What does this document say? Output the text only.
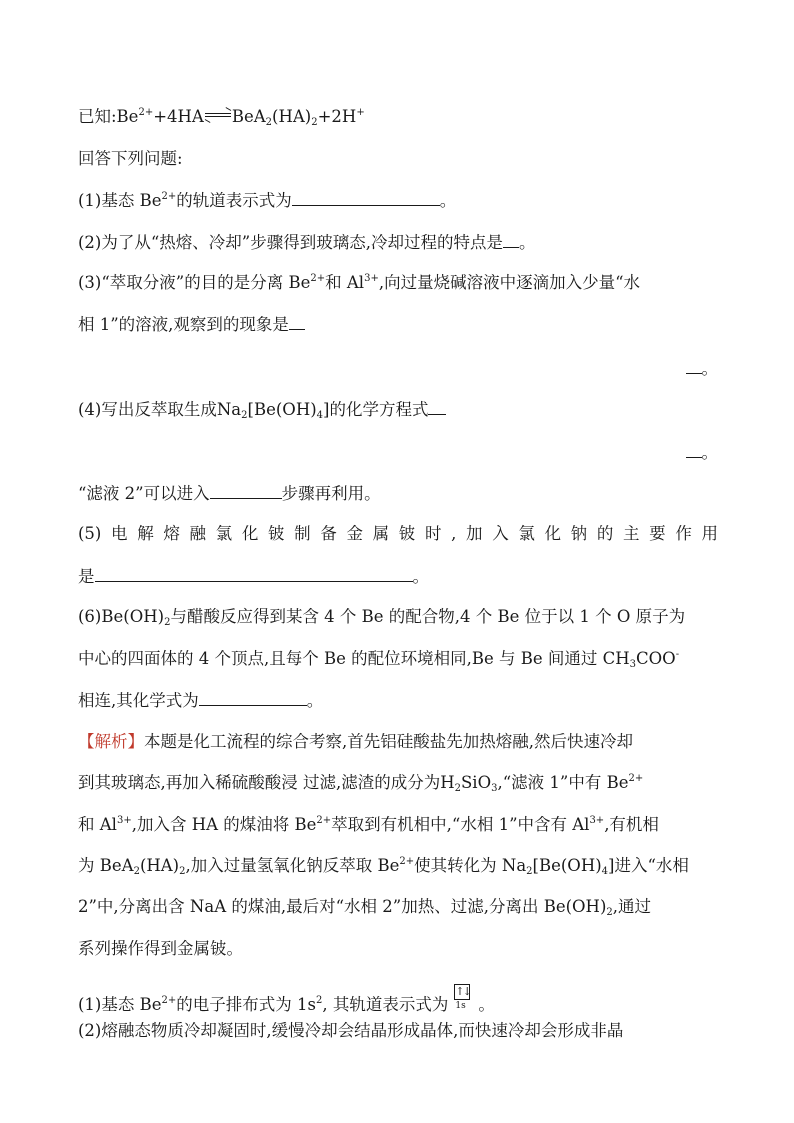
已知$:Be^{2+}+4HA$ $BeA_2(HA)_2+2H^+$
回答下列问题:
(1)基态 $Be^{2+}$的轨道表示式为	。
(2)为了从“热熔、冷却”步骤得到玻璃态,冷却过程的特点是 。
(3)“萃取分液”的目的是分离 $Be^{2+}$和 $Al^{3+}$,向过量烧碱溶液中逐滴加入少量“水
相 1”的溶液,观察到的现象是
。
(4)写出反萃取生成$Na_2[Be(OH)_4]$的化学方程式
。
“滤液 2”可以进入	步骤再利用。
(5)电解熔融氯化铍制备金属铍时,加入氯化钠的主要作用
是	。
$(6)Be(OH)_2$与醋酸反应得到某含 4 个 Be 的配合物,4 个 Be 位于以 1 个 O 原子为
中心的四面体的 4 个顶点,且每个 Be 的配位环境相同,Be 与 Be 间通过 $CH_3COO^-$
相连,其化学式为	。
【解析】本题是化工流程的综合考察,首先铝硅酸盐先加热熔融,然后快速冷却
到其玻璃态,再加入稀硫酸酸浸 过滤,滤渣的成分为$H_2SiO_3,“$滤液 1”中有 $Be^{2+}$
和 $Al^{3+}$,加入含 HA 的煤油将 $Be^{2+}$萃取到有机相中,“水相 1”中含有 $Al^{3+}$,有机相
为 $BeA_2(HA)_2$,加入过量氢氧化钠反萃取 $Be^{2+}$使其转化为 $Na_2[Be(OH)_4]$进入“水相
2”中,分离出含 NaA 的煤油,最后对“水相 2”加热、过滤,分离出 $Be(OH)_2$,通过
系列操作得到金属铍。
(1)基态 $Be^{2+}$的电子排布式为 $1s^2$, 其轨道表示式为
↑↓
1s 。
(2)熔融态物质冷却凝固时,缓慢冷却会结晶形成晶体,而快速冷却会形成非晶
